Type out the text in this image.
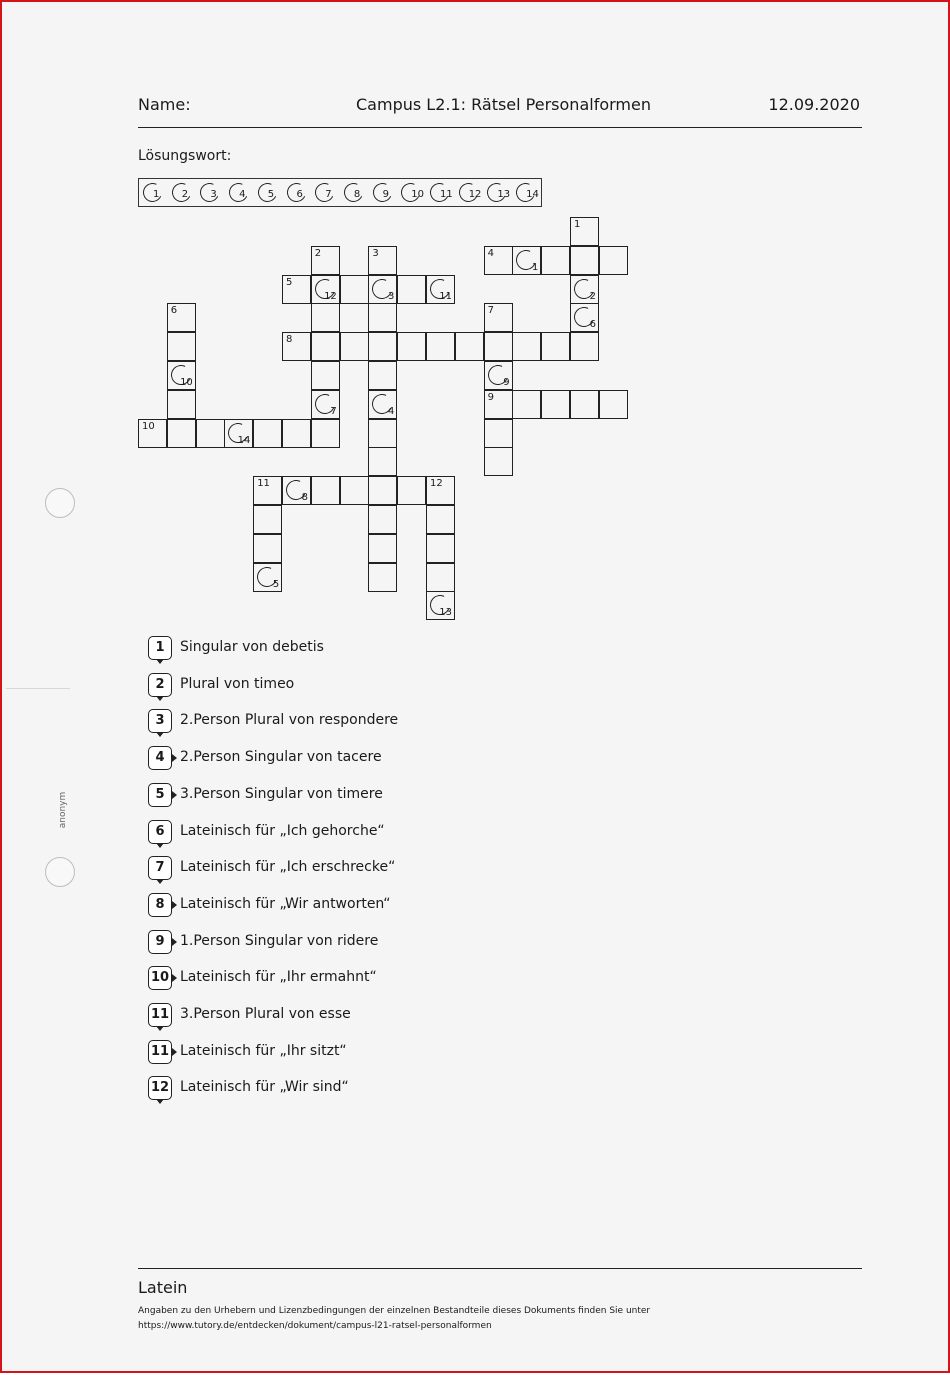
Name:	Campus L2.1: Rätsel Personalformen	12.09.2020
Lösungswort:
1 2 3 4 5 6 7 8 9 10 11 12 13 14
1
2
6
2
12
7
3
3
4
4
1
5
11
6
10
7
9
9
8
10
14
11
8
12
5
13
1	Singular von debetis
2	Plural von timeo
3	2.Person Plural von respondere
4	2.Person Singular von tacere
5	3.Person Singular von timere
6	Lateinisch für „Ich gehorche“
7	Lateinisch für „Ich erschrecke“
8	Lateinisch für „Wir antworten“
9	1.Person Singular von ridere
10 Lateinisch für „Ihr ermahnt“
11 3.Person Plural von esse
11 Lateinisch für „Ihr sitzt“
12 Lateinisch für „Wir sind“
anonym
Latein
Angaben zu den Urhebern und Lizenzbedingungen der einzelnen Bestandteile dieses Dokuments finden Sie unter
https://www.tutory.de/entdecken/dokument/campus-l21-ratsel-personalformen
